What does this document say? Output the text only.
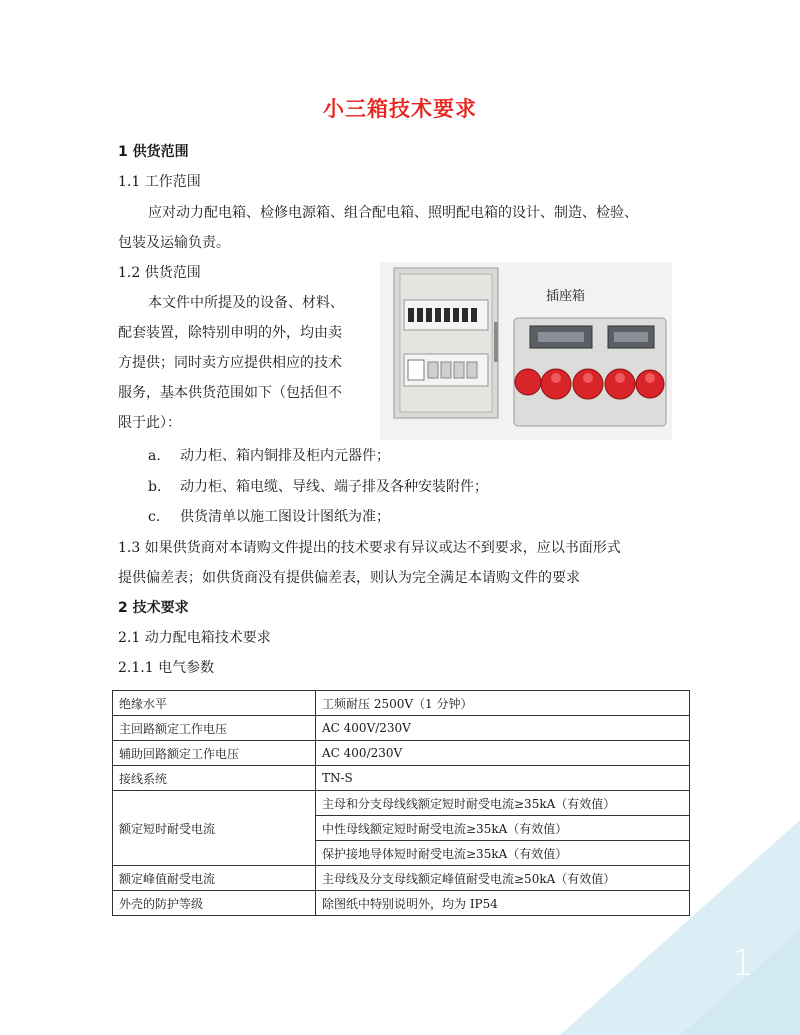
小三箱技术要求
1 供货范围
1.1 工作范围
应对动力配电箱、检修电源箱、组合配电箱、照明配电箱的设计、制造、检验、
包装及运输负责。
1.2 供货范围
本文件中所提及的设备、材料、
配套装置，除特别申明的外，均由卖
方提供；同时卖方应提供相应的技术
服务，基本供货范围如下（包括但不
限于此）：
插座箱
a. 动力柜、箱内铜排及柜内元器件；
b. 动力柜、箱电缆、导线、端子排及各种安装附件；
c. 供货清单以施工图设计图纸为准；
1.3 如果供货商对本请购文件提出的技术要求有异议或达不到要求，应以书面形式
提供偏差表；如供货商没有提供偏差表，则认为完全满足本请购文件的要求
2 技术要求
2.1 动力配电箱技术要求
2.1.1 电气参数
绝缘水平	工频耐压 2500V（1 分钟）
主回路额定工作电压	AC 400V/230V
辅助回路额定工作电压	AC 400/230V
接线系统	TN-S
额定短时耐受电流	主母和分支母线线额定短时耐受电流≥35kA（有效值）
	中性母线额定短时耐受电流≥35kA（有效值）
	保护接地导体短时耐受电流≥35kA（有效值）
额定峰值耐受电流	主母线及分支母线额定峰值耐受电流≥50kA（有效值）
外壳的防护等级	除图纸中特别说明外，均为 IP54
1
